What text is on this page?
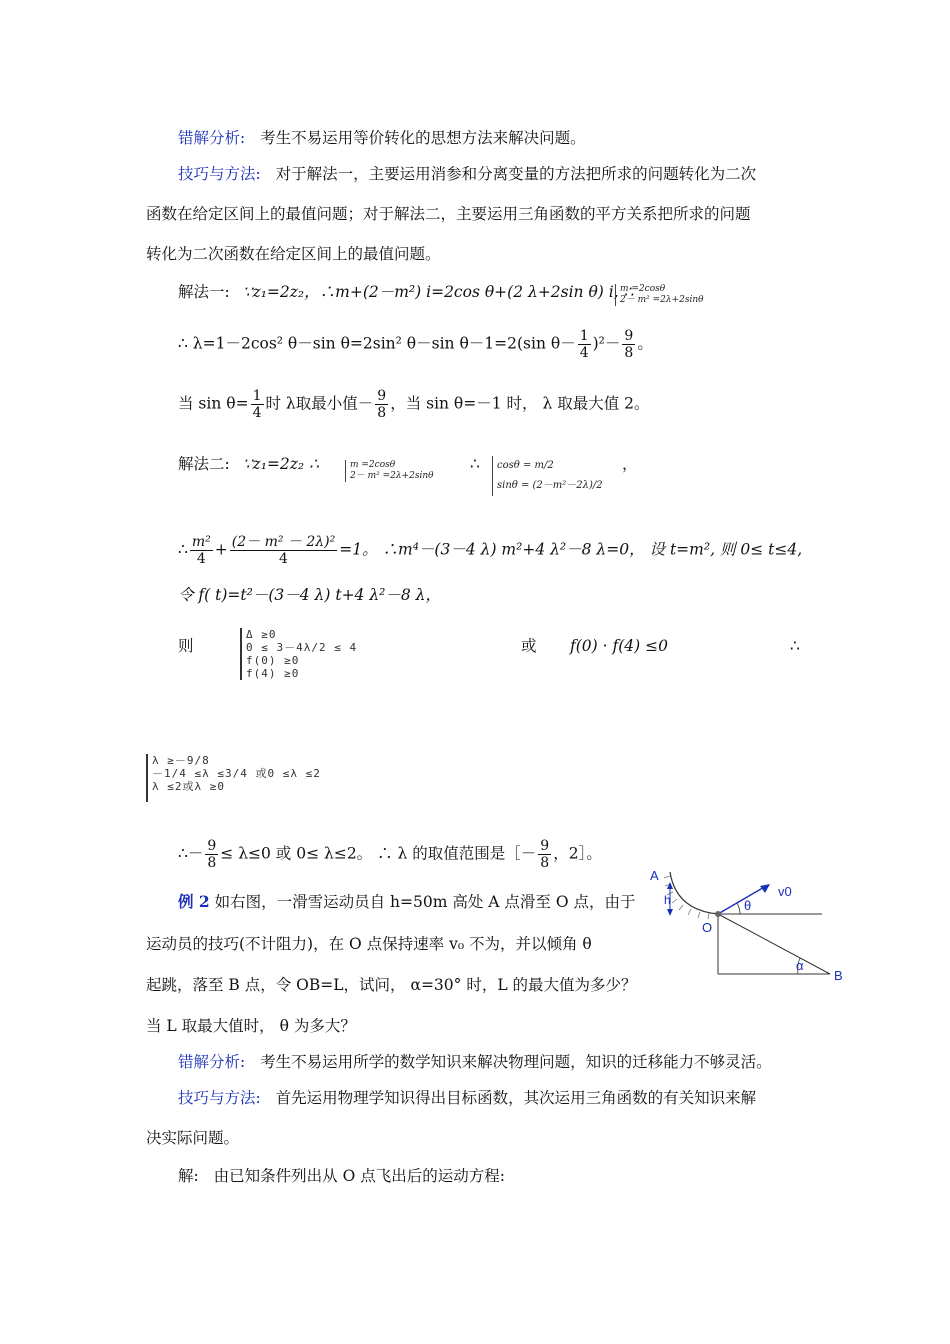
错解分析: 考生不易运用等价转化的思想方法来解决问题。
技巧与方法: 对于解法一，主要运用消参和分离变量的方法把所求的问题转化为二次
函数在给定区间上的最值问题；对于解法二，主要运用三角函数的平方关系把所求的问题
转化为二次函数在给定区间上的最值问题。
解法一: ∵z₁=2z₂，∴m+(2－m²) i=2cos θ+(2 λ+2sin θ) i, ∴
m =2cosθ
2－ m² =2λ+2sinθ
∴ λ=1－2cos² θ－sin θ=2sin² θ－sin θ－1=2(sin $\theta- \frac{1}{4} )^2- \frac{9}{8}$ 。
当 $\sin \theta= \frac{1}{4}$ 时 λ取最小值－ $\frac{9}{8}$ ，当 sin θ=－1 时， λ 取最大值 2。
解法二: ∵z₁=2z₂ ∴	m =2cosθ
2－ m² =2λ+2sinθ
∴ cosθ = m/2
sinθ = (2－m²－2λ)/2
，
∴ $\frac{\text{m²}}{4} + \frac{\text{(2－ m² － 2λ)²}}{4} =1$。 ∴m⁴－(3－4 λ) m²+4 λ²－8 λ=0， 设 t=m², 则 0≤ t≤4,
令 f( t)=t²－(3－4 λ) t+4 λ²－8 λ，
则
Δ ≥0
0 ≤ 3－4λ/2 ≤ 4
f(0) ≥0
f(4) ≥0
或 f(0) · f(4) ≤0	∴
λ ≥－9/8
－1/4 ≤λ ≤3/4 或0 ≤λ ≤2
λ ≤2或λ ≥0
∴－ $\frac{9}{8} \le \lambda\le 0$ 或 0≤ λ≤2。 ∴ λ 的取值范围是［－ $\frac{9}{8}$ ，2］。
例 2 如右图，一滑雪运动员自 h=50m 高处 A 点滑至 O 点，由于
运动员的技巧(不计阻力)，在 O 点保持速率 v₀ 不为，并以倾角 θ
起跳，落至 B 点，令 OB=L，试问， α=30° 时，L 的最大值为多少？
当 L 取最大值时， θ 为多大？
A
h
O
B
v0
θ
α
错解分析: 考生不易运用所学的数学知识来解决物理问题，知识的迁移能力不够灵活。
技巧与方法: 首先运用物理学知识得出目标函数，其次运用三角函数的有关知识来解
决实际问题。
解: 由已知条件列出从 O 点飞出后的运动方程:
